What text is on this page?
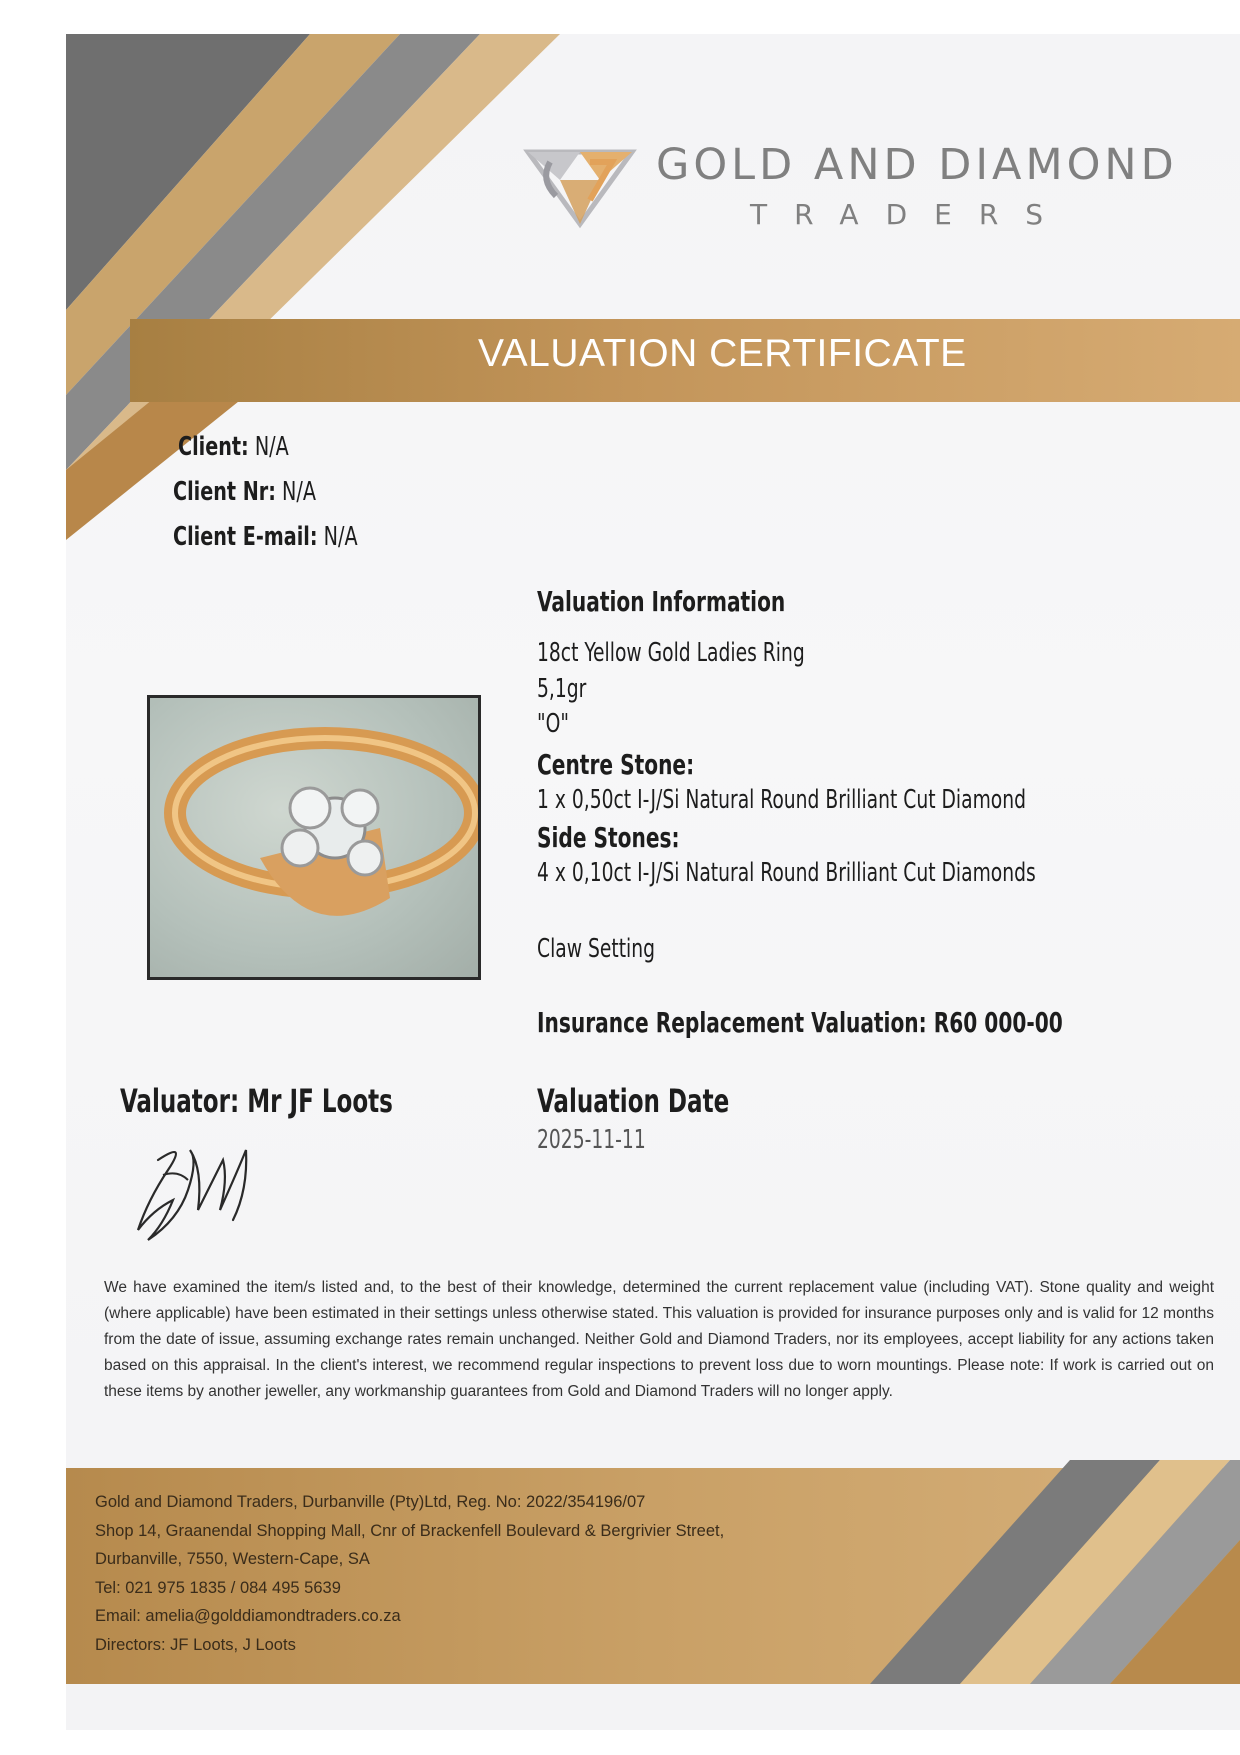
GOLD AND DIAMOND
TRADERS
VALUATION CERTIFICATE
Client: N/A
Client Nr: N/A
Client E-mail: N/A
Valuation Information
18ct Yellow Gold Ladies Ring
5,1gr
"O"
Centre Stone:
1 x 0,50ct I-J/Si Natural Round Brilliant Cut Diamond
Side Stones:
4 x 0,10ct I-J/Si Natural Round Brilliant Cut Diamonds
Claw Setting
Insurance Replacement Valuation: R60 000-00
Valuation Date
2025-11-11
Valuator: Mr JF Loots
We have examined the item/s listed and, to the best of their knowledge, determined the current replacement value (including VAT). Stone quality and weight (where applicable) have been estimated in their settings unless otherwise stated. This valuation is provided for insurance purposes only and is valid for 12 months from the date of issue, assuming exchange rates remain unchanged. Neither Gold and Diamond Traders, nor its employees, accept liability for any actions taken based on this appraisal. In the client's interest, we recommend regular inspections to prevent loss due to worn mountings. Please note: If work is carried out on these items by another jeweller, any workmanship guarantees from Gold and Diamond Traders will no longer apply.
Gold and Diamond Traders, Durbanville (Pty)Ltd, Reg. No: 2022/354196/07
Shop 14, Graanendal Shopping Mall, Cnr of Brackenfell Boulevard & Bergrivier Street,
Durbanville, 7550, Western-Cape, SA
Tel: 021 975 1835 / 084 495 5639
Email: amelia@golddiamondtraders.co.za
Directors: JF Loots, J Loots
